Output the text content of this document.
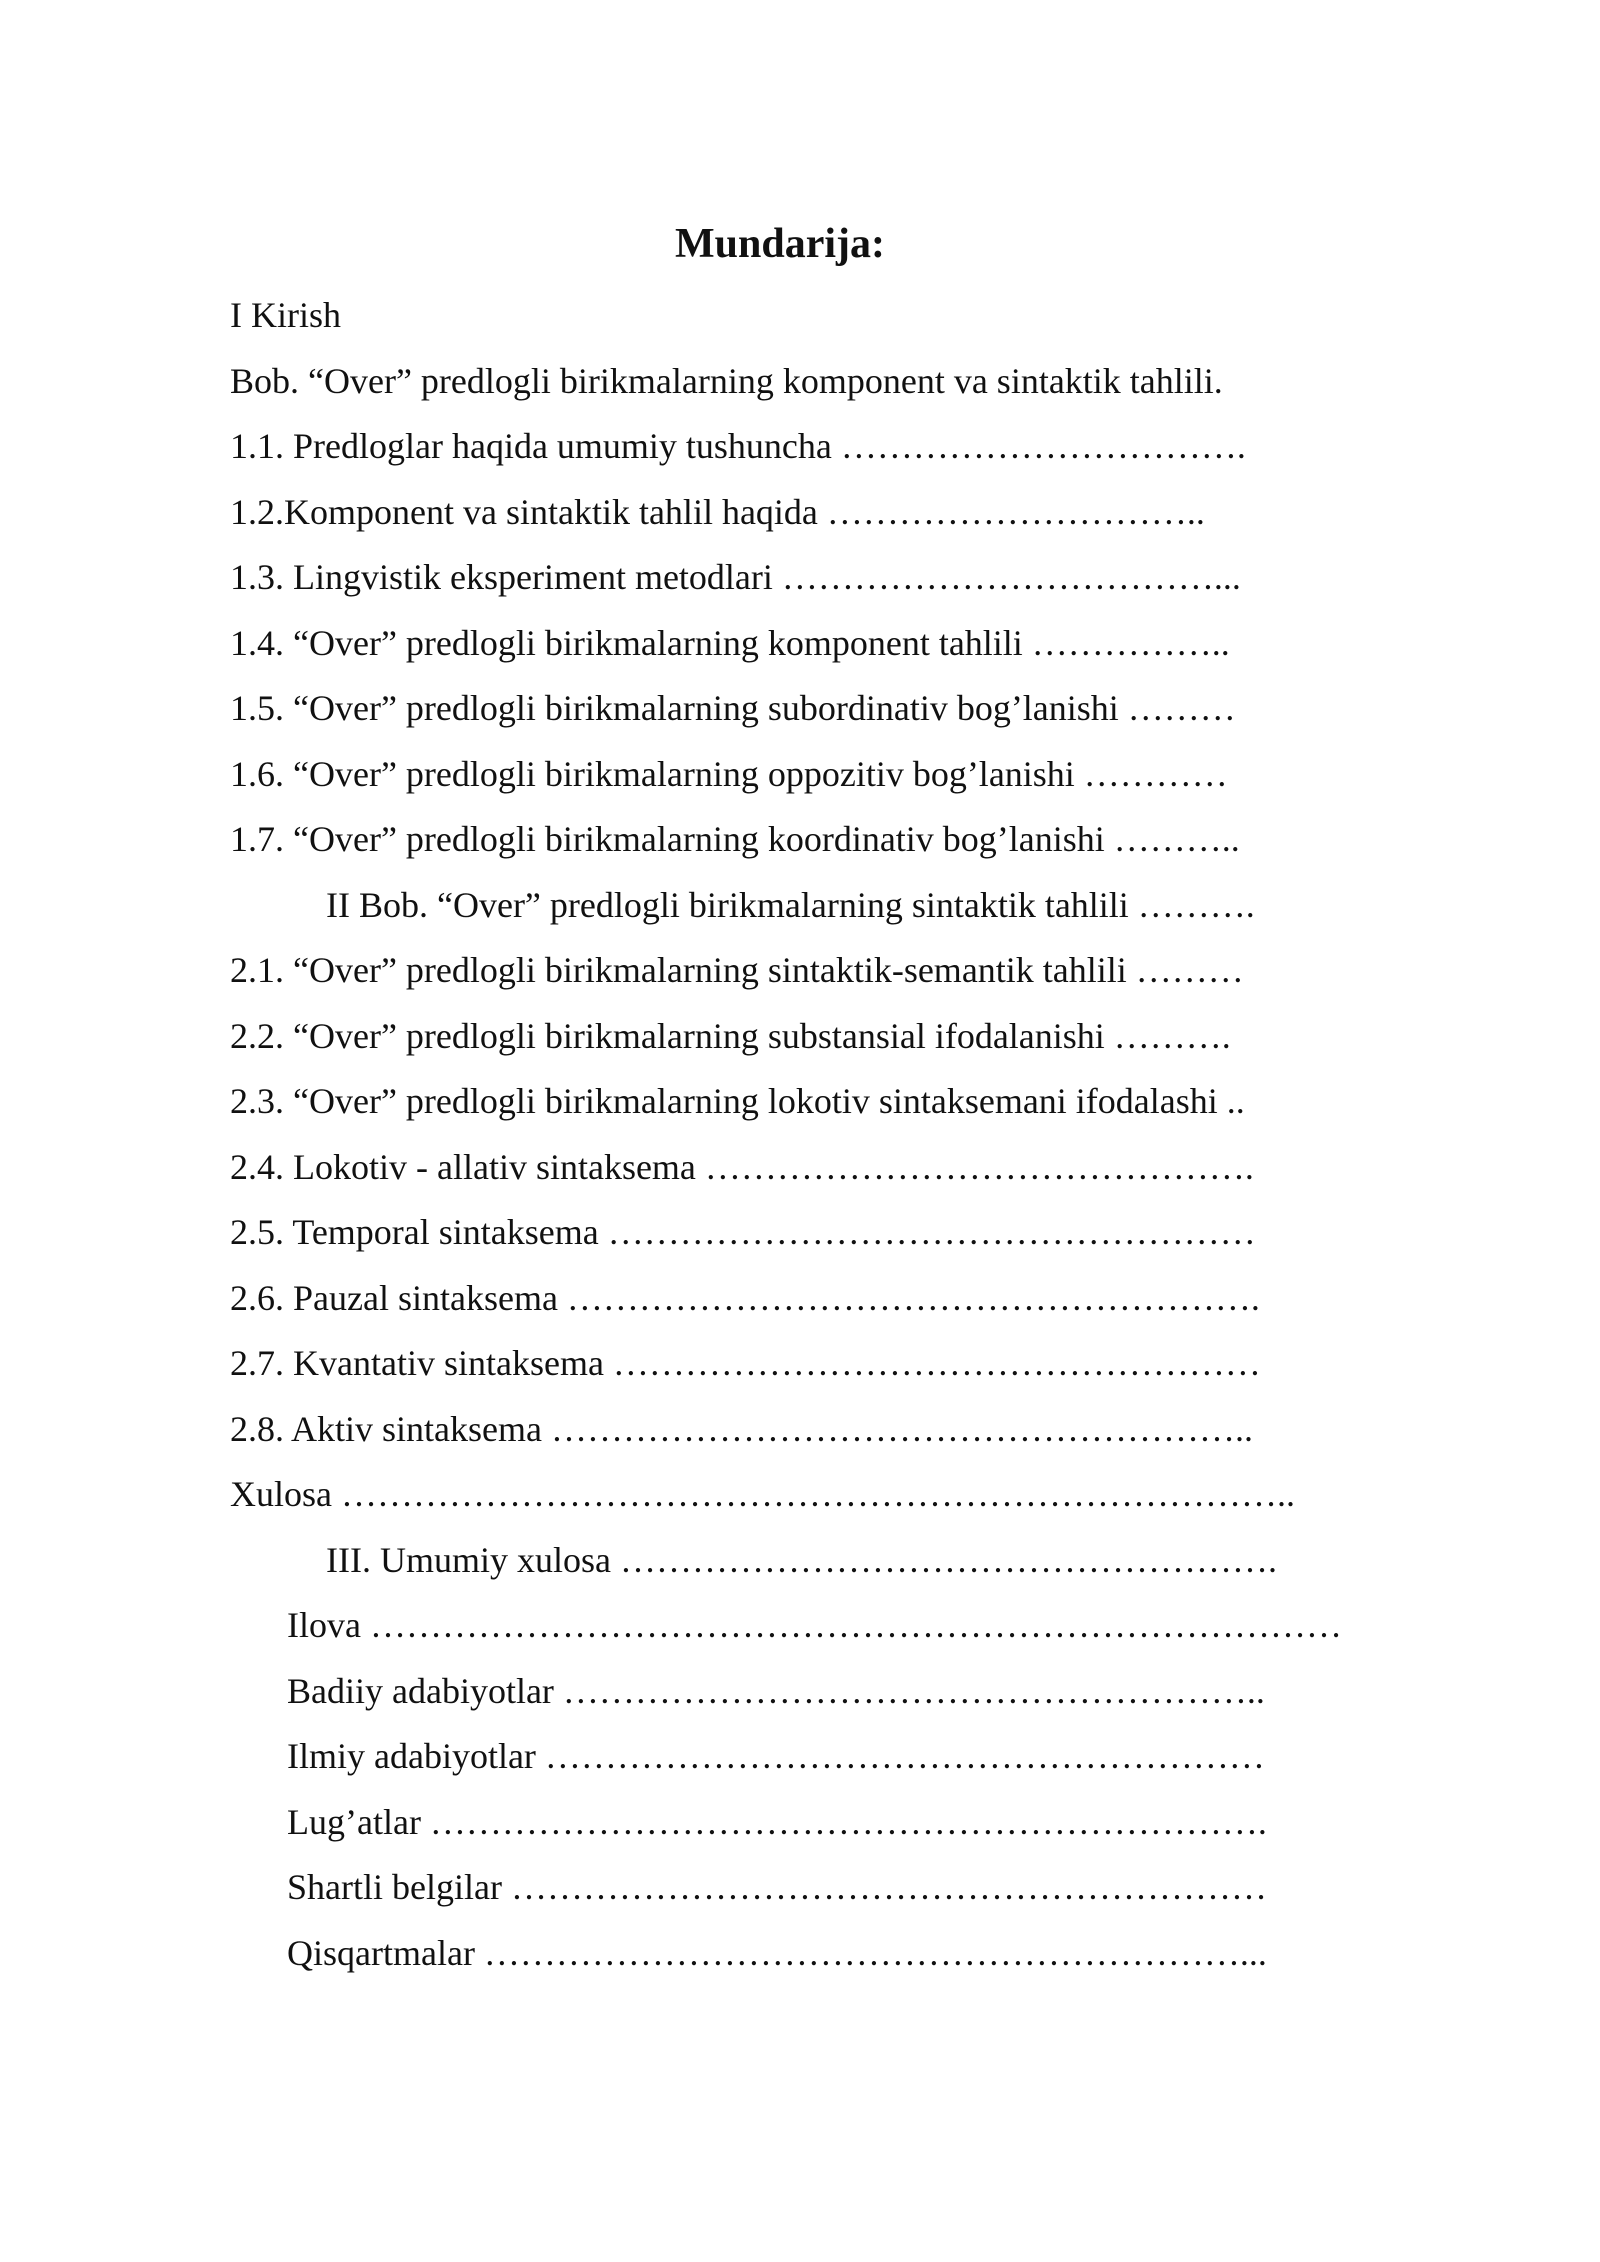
Mundarija:
I Kirish
Bob. “Over” predlogli birikmalarning komponent va sintaktik tahlili.
1.1. Predloglar haqida umumiy tushuncha …………………………….
1.2.Komponent va sintaktik tahlil haqida …………………………..
1.3. Lingvistik eksperiment metodlari ………………………………...
1.4. “Over” predlogli birikmalarning komponent tahlili ……………..
1.5. “Over” predlogli birikmalarning subordinativ bog’lanishi ………
1.6. “Over” predlogli birikmalarning oppozitiv bog’lanishi …………
1.7. “Over” predlogli birikmalarning koordinativ bog’lanishi ………..
II Bob. “Over” predlogli birikmalarning sintaktik tahlili ……….
2.1. “Over” predlogli birikmalarning sintaktik-semantik tahlili ………
2.2. “Over” predlogli birikmalarning substansial ifodalanishi ……….
2.3. “Over” predlogli birikmalarning lokotiv sintaksemani ifodalashi ..
2.4. Lokotiv - allativ sintaksema ……………………………………….
2.5. Temporal sintaksema ………………………………………………
2.6. Pauzal sintaksema ………………………………………………….
2.7. Kvantativ sintaksema ………………………………………………
2.8. Aktiv sintaksema …………………………………………………..
Xulosa ……………………………………………………………………..
III. Umumiy xulosa ……………………………………………….
Ilova ………………………………………………………………………
Badiiy adabiyotlar …………………………………………………..
Ilmiy adabiyotlar ……………………………………………………
Lug’atlar …………………………………………………………….
Shartli belgilar ………………………………………………………
Qisqartmalar ………………………………………………………...
